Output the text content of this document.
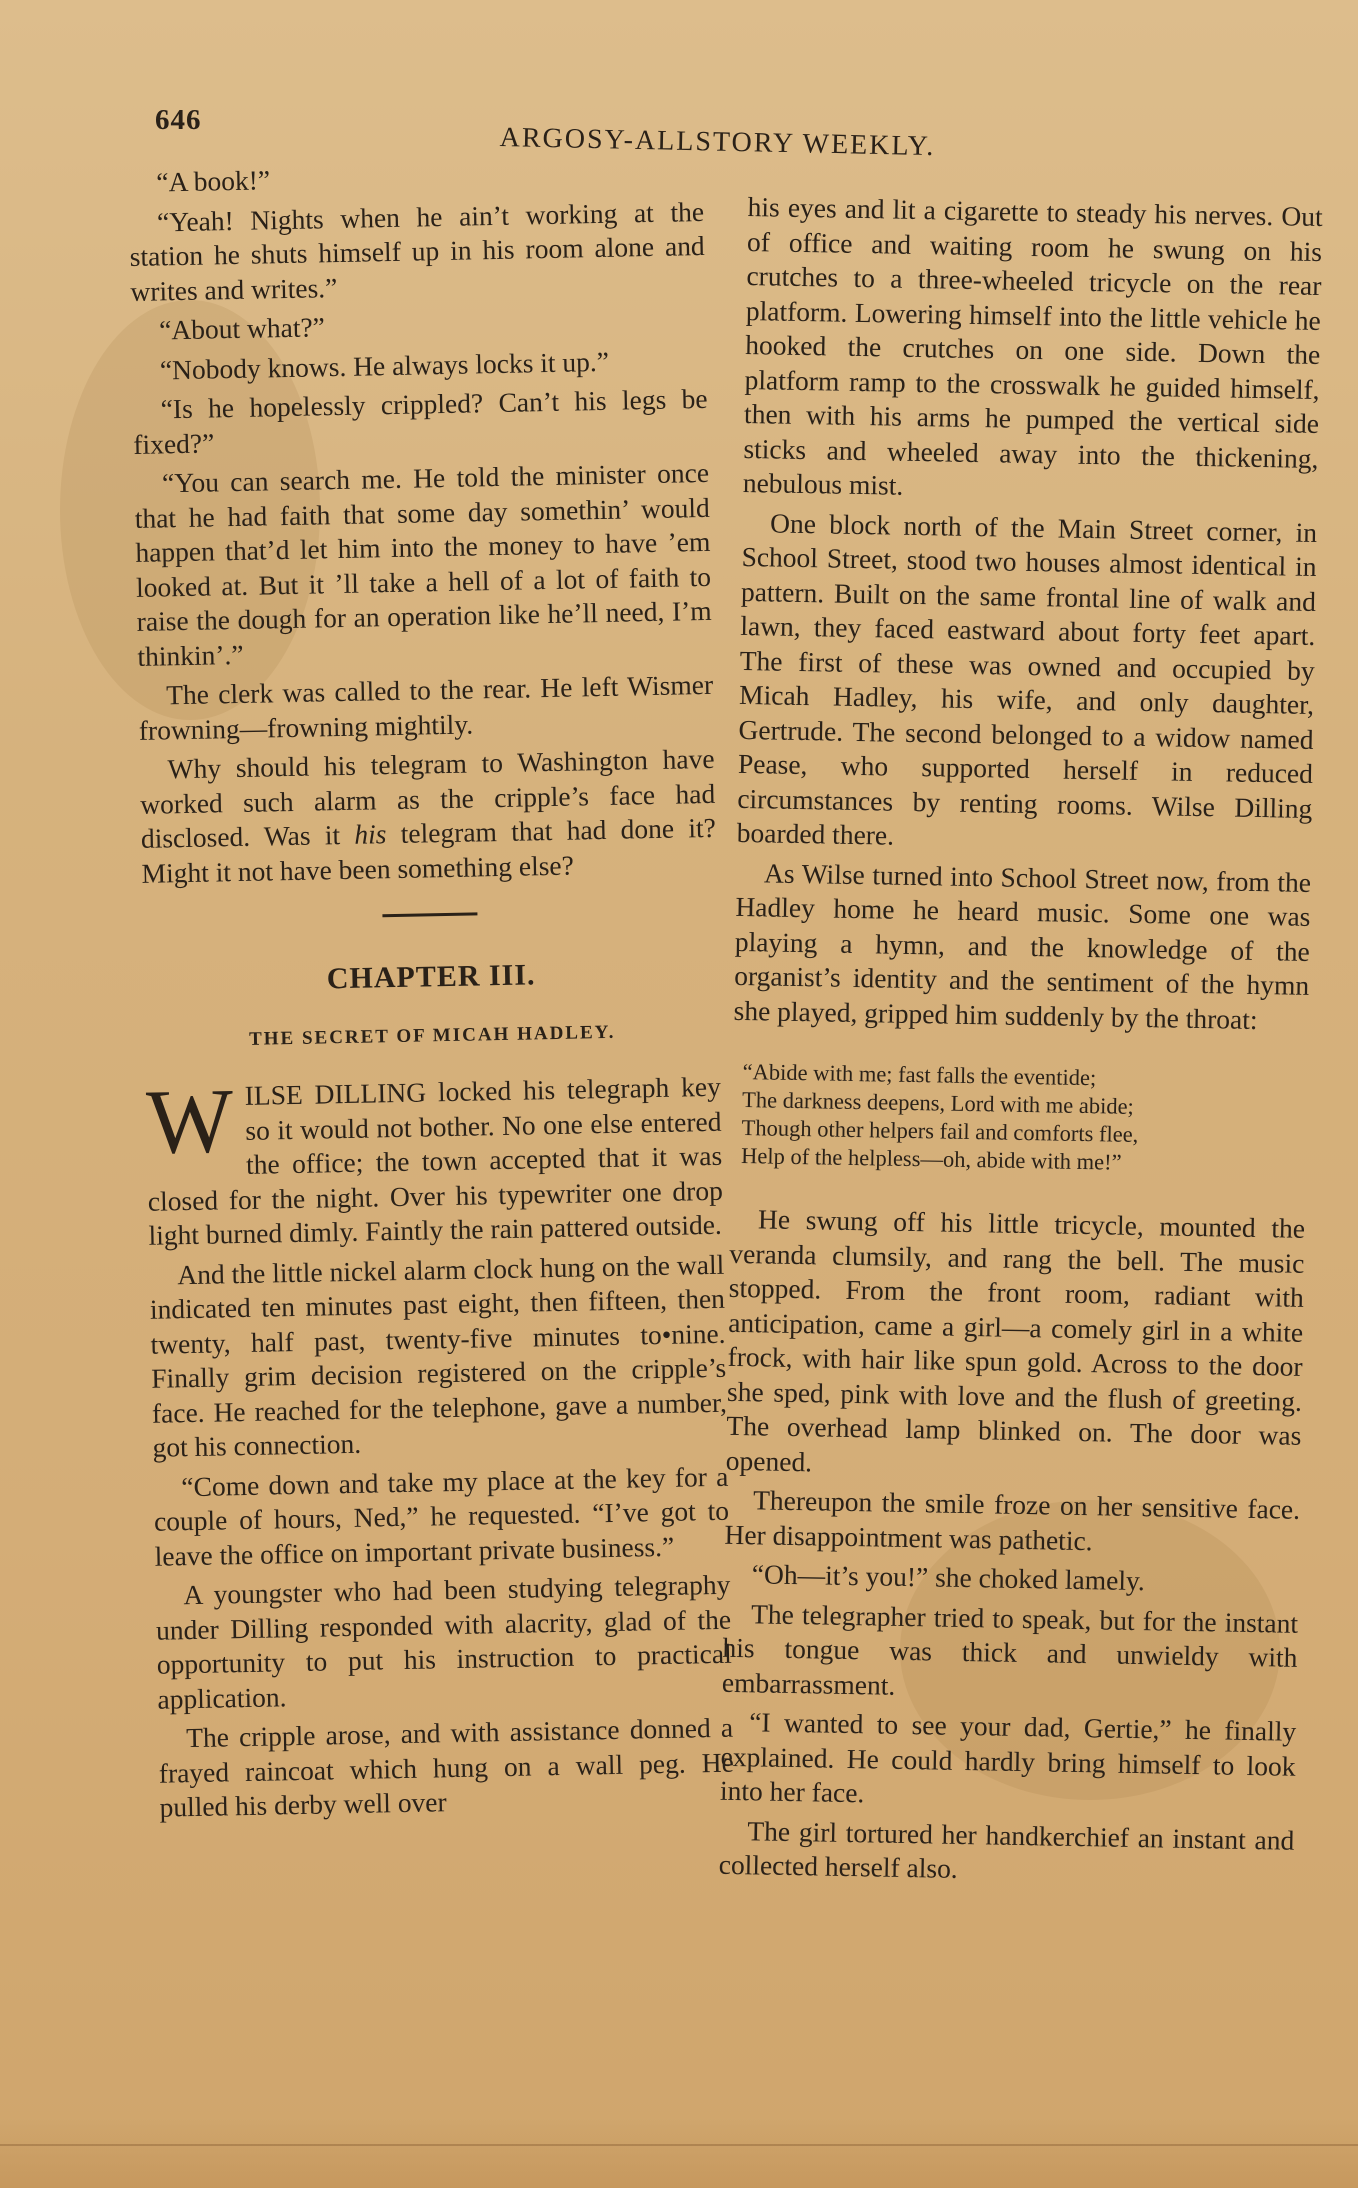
646
ARGOSY-ALLSTORY WEEKLY.

“A book!”

“Yeah! Nights when he ain’t working at the station he shuts himself up in his room alone and writes and writes.”

“About what?”

“Nobody knows. He always locks it up.”

“Is he hopelessly crippled? Can’t his legs be fixed?”

“You can search me. He told the minister once that he had faith that some day somethin’ would happen that’d let him into the money to have ’em looked at. But it ’ll take a hell of a lot of faith to raise the dough for an operation like he’ll need, I’m thinkin’.”

The clerk was called to the rear. He left Wismer frowning—frowning mightily.

Why should his telegram to Washington have worked such alarm as the cripple’s face had disclosed. Was it his telegram that had done it? Might it not have been something else?

CHAPTER III.
THE SECRET OF MICAH HADLEY.

WILSE DILLING locked his telegraph key so it would not bother. No one else entered the office; the town accepted that it was closed for the night. Over his typewriter one drop light burned dimly. Faintly the rain pattered outside.

And the little nickel alarm clock hung on the wall indicated ten minutes past eight, then fifteen, then twenty, half past, twenty-five minutes to•nine. Finally grim decision registered on the cripple’s face. He reached for the telephone, gave a number, got his connection.

“Come down and take my place at the key for a couple of hours, Ned,” he requested. “I’ve got to leave the office on important private business.”

A youngster who had been studying telegraphy under Dilling responded with alacrity, glad of the opportunity to put his instruction to practical application.

The cripple arose, and with assistance donned a frayed raincoat which hung on a wall peg. He pulled his derby well over

his eyes and lit a cigarette to steady his nerves. Out of office and waiting room he swung on his crutches to a three-wheeled tricycle on the rear platform. Lowering himself into the little vehicle he hooked the crutches on one side. Down the platform ramp to the crosswalk he guided himself, then with his arms he pumped the vertical side sticks and wheeled away into the thickening, nebulous mist.

One block north of the Main Street corner, in School Street, stood two houses almost identical in pattern. Built on the same frontal line of walk and lawn, they faced eastward about forty feet apart. The first of these was owned and occupied by Micah Hadley, his wife, and only daughter, Gertrude. The second belonged to a widow named Pease, who supported herself in reduced circumstances by renting rooms. Wilse Dilling boarded there.

As Wilse turned into School Street now, from the Hadley home he heard music. Some one was playing a hymn, and the knowledge of the organist’s identity and the sentiment of the hymn she played, gripped him suddenly by the throat:

“Abide with me; fast falls the eventide;
The darkness deepens, Lord with me abide;
Though other helpers fail and comforts flee,
Help of the helpless—oh, abide with me!”

He swung off his little tricycle, mounted the veranda clumsily, and rang the bell. The music stopped. From the front room, radiant with anticipation, came a girl—a comely girl in a white frock, with hair like spun gold. Across to the door she sped, pink with love and the flush of greeting. The overhead lamp blinked on. The door was opened.

Thereupon the smile froze on her sensitive face. Her disappointment was pathetic.

“Oh—it’s you!” she choked lamely.

The telegrapher tried to speak, but for the instant his tongue was thick and unwieldy with embarrassment.

“I wanted to see your dad, Gertie,” he finally explained. He could hardly bring himself to look into her face.

The girl tortured her handkerchief an instant and collected herself also.
